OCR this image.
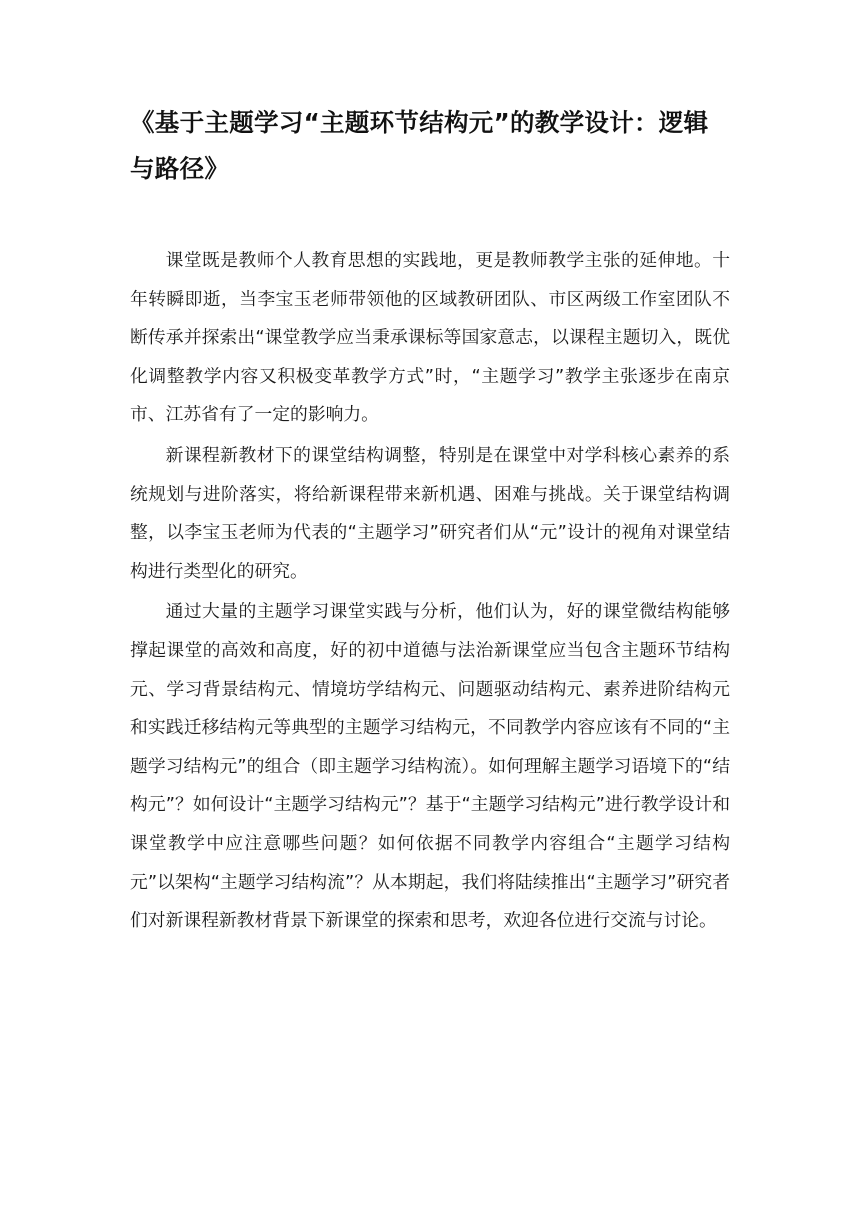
《基于主题学习“主题环节结构元”的教学设计：逻辑与路径》

课堂既是教师个人教育思想的实践地，更是教师教学主张的延伸地。十年转瞬即逝，当李宝玉老师带领他的区域教研团队、市区两级工作室团队不断传承并探索出“课堂教学应当秉承课标等国家意志，以课程主题切入，既优化调整教学内容又积极变革教学方式”时，“主题学习”教学主张逐步在南京市、江苏省有了一定的影响力。

新课程新教材下的课堂结构调整，特别是在课堂中对学科核心素养的系统规划与进阶落实，将给新课程带来新机遇、困难与挑战。关于课堂结构调整，以李宝玉老师为代表的“主题学习”研究者们从“元”设计的视角对课堂结构进行类型化的研究。

通过大量的主题学习课堂实践与分析，他们认为，好的课堂微结构能够撑起课堂的高效和高度，好的初中道德与法治新课堂应当包含主题环节结构元、学习背景结构元、情境坊学结构元、问题驱动结构元、素养进阶结构元和实践迁移结构元等典型的主题学习结构元，不同教学内容应该有不同的“主题学习结构元”的组合（即主题学习结构流）。如何理解主题学习语境下的“结构元”？如何设计“主题学习结构元”？基于“主题学习结构元”进行教学设计和课堂教学中应注意哪些问题？如何依据不同教学内容组合“主题学习结构元”以架构“主题学习结构流”？从本期起，我们将陆续推出“主题学习”研究者们对新课程新教材背景下新课堂的探索和思考，欢迎各位进行交流与讨论。
